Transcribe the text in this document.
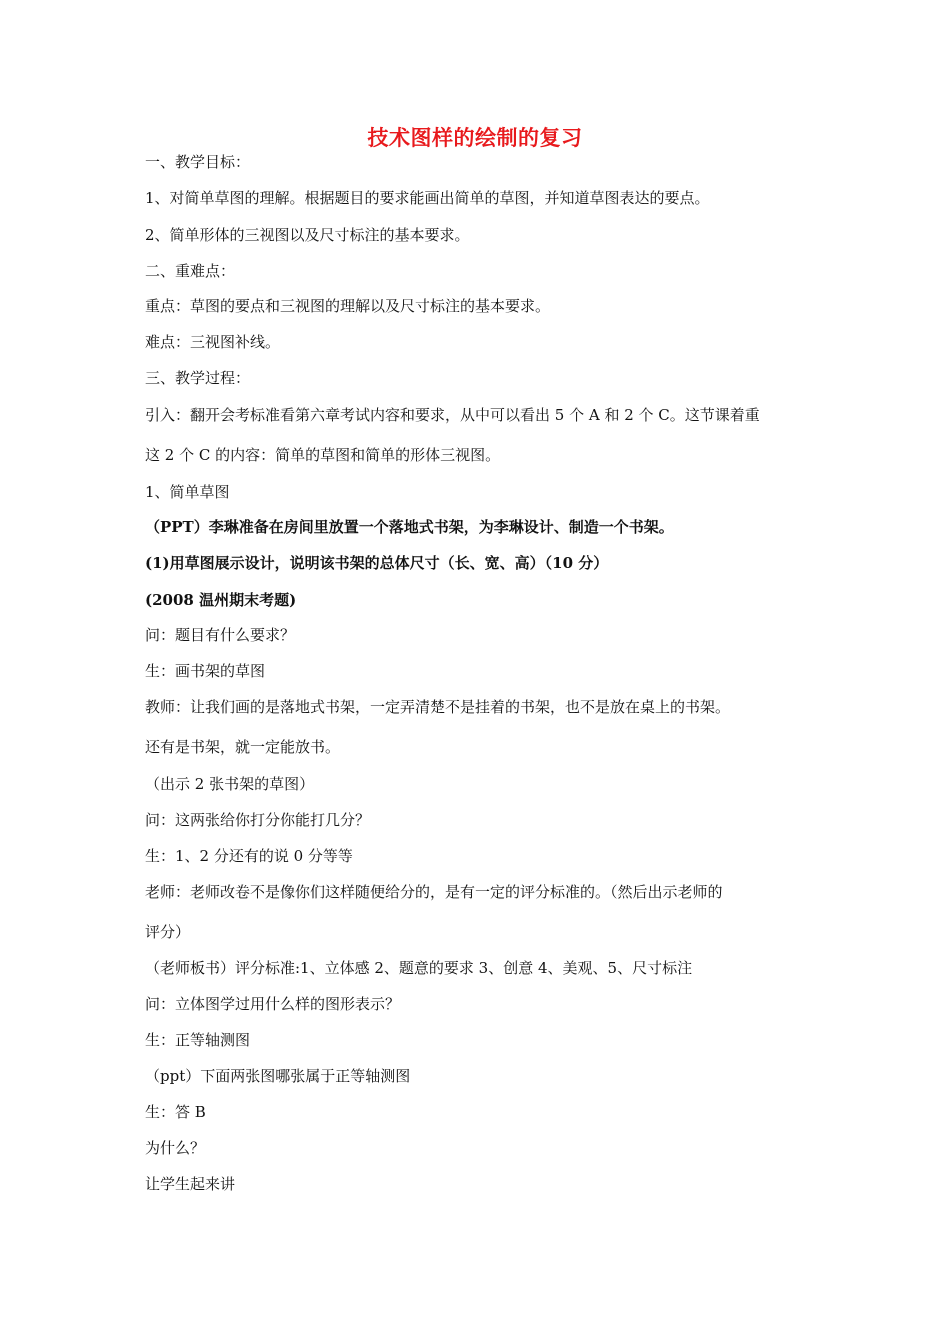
技术图样的绘制的复习
一、教学目标：
1、对简单草图的理解。根据题目的要求能画出简单的草图，并知道草图表达的要点。
2、简单形体的三视图以及尺寸标注的基本要求。
二、重难点：
重点：草图的要点和三视图的理解以及尺寸标注的基本要求。
难点：三视图补线。
三、教学过程：
引入：翻开会考标准看第六章考试内容和要求，从中可以看出 5 个 A 和 2 个 C。这节课着重
这 2 个 C 的内容：简单的草图和简单的形体三视图。
1、简单草图
（PPT）李琳准备在房间里放置一个落地式书架，为李琳设计、制造一个书架。
(1)用草图展示设计，说明该书架的总体尺寸（长、宽、高）（10 分）
(2008 温州期末考题)
问：题目有什么要求？
生：画书架的草图
教师：让我们画的是落地式书架，一定弄清楚不是挂着的书架，也不是放在桌上的书架。
还有是书架，就一定能放书。
（出示 2 张书架的草图）
问：这两张给你打分你能打几分？
生：1、2 分还有的说 0 分等等
老师：老师改卷不是像你们这样随便给分的，是有一定的评分标准的。（然后出示老师的
评分）
（老师板书）评分标准:1、立体感 2、题意的要求 3、创意 4、美观、5、尺寸标注
问：立体图学过用什么样的图形表示？
生：正等轴测图
（ppt）下面两张图哪张属于正等轴测图
生：答 B
为什么？
让学生起来讲
